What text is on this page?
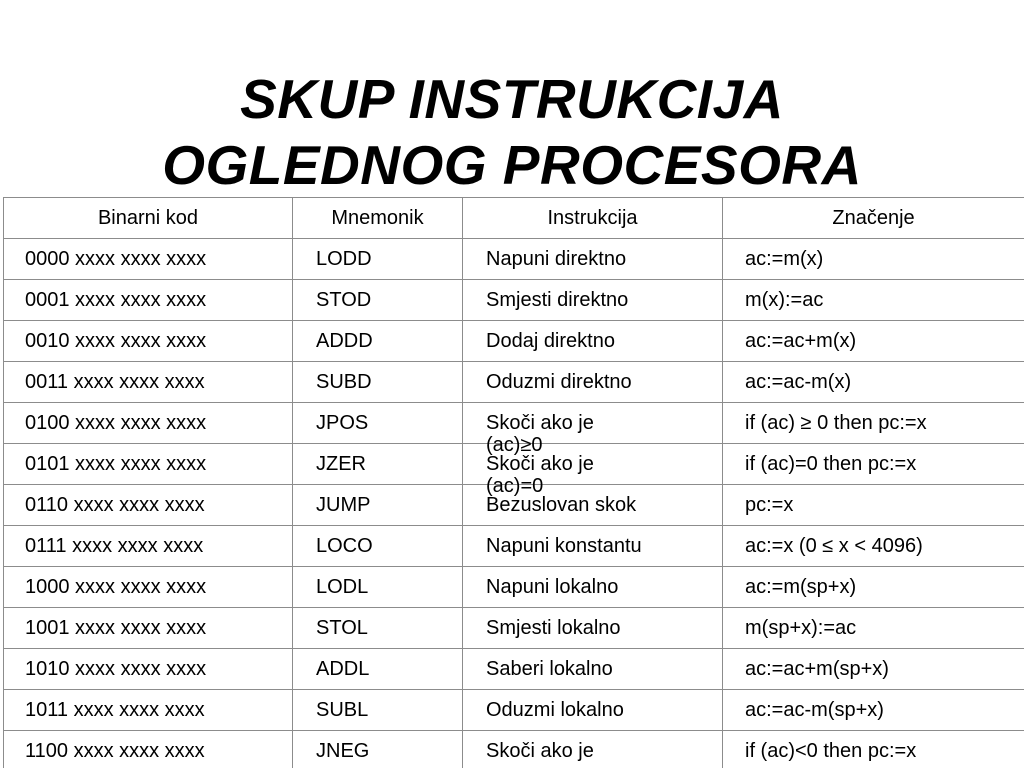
SKUP INSTRUKCIJA
OGLEDNOG PROCESORA
Binarni kod	Mnemonik	Instrukcija	Značenje

0000 xxxx xxxx xxxx	LODD	Napuni direktno	ac:=m(x)

0001 xxxx xxxx xxxx	STOD	Smjesti direktno	m(x):=ac

0010 xxxx xxxx xxxx	ADDD	Dodaj direktno	ac:=ac+m(x)

0011 xxxx xxxx xxxx	SUBD	Oduzmi direktno	ac:=ac-m(x)

0100 xxxx xxxx xxxx	JPOS	Skoči ako je (ac)≥0	if (ac) ≥ 0 then pc:=x

0101 xxxx xxxx xxxx	JZER	Skoči ako je (ac)=0	if (ac)=0 then pc:=x

0110 xxxx xxxx xxxx	JUMP	Bezuslovan skok	pc:=x

0111 xxxx xxxx xxxx	LOCO	Napuni konstantu	ac:=x (0 ≤ x < 4096)

1000 xxxx xxxx xxxx	LODL	Napuni lokalno	ac:=m(sp+x)

1001 xxxx xxxx xxxx	STOL	Smjesti lokalno	m(sp+x):=ac

1010 xxxx xxxx xxxx	ADDL	Saberi lokalno	ac:=ac+m(sp+x)

1011 xxxx xxxx xxxx	SUBL	Oduzmi lokalno	ac:=ac-m(sp+x)

1100 xxxx xxxx xxxx	JNEG	Skoči ako je	if (ac)<0 then pc:=x
